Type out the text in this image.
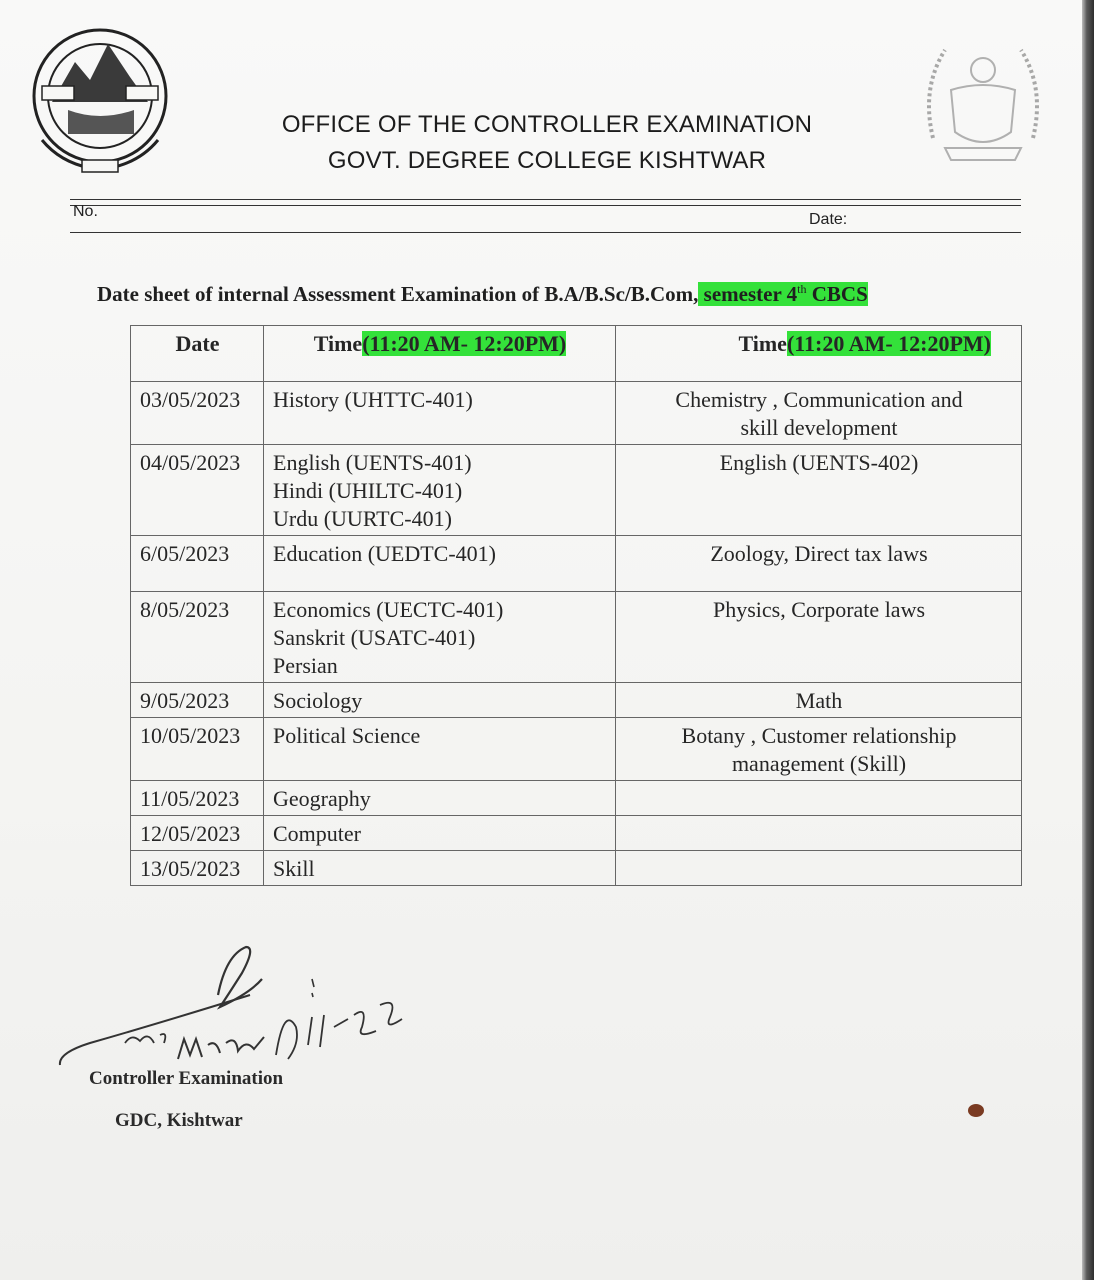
OFFICE OF THE CONTROLLER EXAMINATION
GOVT. DEGREE COLLEGE KISHTWAR
No.	Date:
Date sheet of internal Assessment Examination of B.A/B.Sc/B.Com, semester 4th CBCS
Date	Time(11:20 AM- 12:20PM)	Time(11:20 AM- 12:20PM)
03/05/2023	History (UHTTC-401)	Chemistry , Communication and
skill development

04/05/2023	English (UENTS-401)
Hindi (UHILTC-401)
Urdu (UURTC-401)	English (UENTS-402)

6/05/2023	Education (UEDTC-401)	Zoology, Direct tax laws

8/05/2023	Economics (UECTC-401)
Sanskrit (USATC-401)
Persian	Physics, Corporate laws

9/05/2023	Sociology	Math

10/05/2023	Political Science	Botany , Customer relationship
management (Skill)

11/05/2023	Geography	

12/05/2023	Computer	

13/05/2023	Skill	

Controller Examination
GDC, Kishtwar
